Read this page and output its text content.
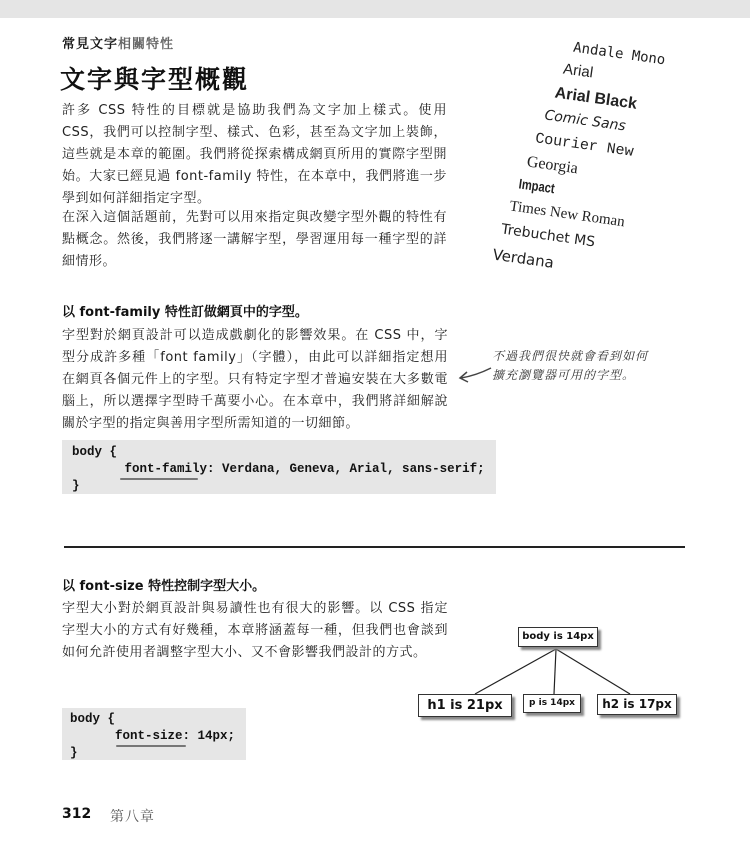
常見文字相關特性
文字與字型概觀

許多 CSS 特性的目標就是協助我們為文字加上樣式。使用 CSS，我們可以控制字型、樣式、色彩，甚至為文字加上裝飾，這些就是本章的範圍。我們將從探索構成網頁所用的實際字型開始。大家已經見過 font-family 特性，在本章中，我們將進一步學到如何詳細指定字型。

在深入這個話題前，先對可以用來指定與改變字型外觀的特性有點概念。然後，我們將逐一講解字型，學習運用每一種字型的詳細情形。

Andale Mono
Arial
Arial Black
Comic Sans
Courier New
Georgia
Impact
Times New Roman
Trebuchet MS
Verdana
以 font-family 特性訂做網頁中的字型。

字型對於網頁設計可以造成戲劇化的影響效果。在 CSS 中，字型分成許多種「font family」（字體），由此可以詳細指定想用在網頁各個元件上的字型。只有特定字型才普遍安裝在大多數電腦上，所以選擇字型時千萬要小心。在本章中，我們將詳細解說關於字型的指定與善用字型所需知道的一切細節。

不過我們很快就會看到如何
擴充瀏覽器可用的字型。
body {
font-family: Verdana, Geneva, Arial, sans-serif;
}
以 font-size 特性控制字型大小。

字型大小對於網頁設計與易讀性也有很大的影響。以 CSS 指定字型大小的方式有好幾種，本章將涵蓋每一種，但我們也會談到如何允許使用者調整字型大小、又不會影響我們設計的方式。

body is 14px
h1 is 21px	p is 14px	h2 is 17px
body {
font-size: 14px;
}
312 第八章
